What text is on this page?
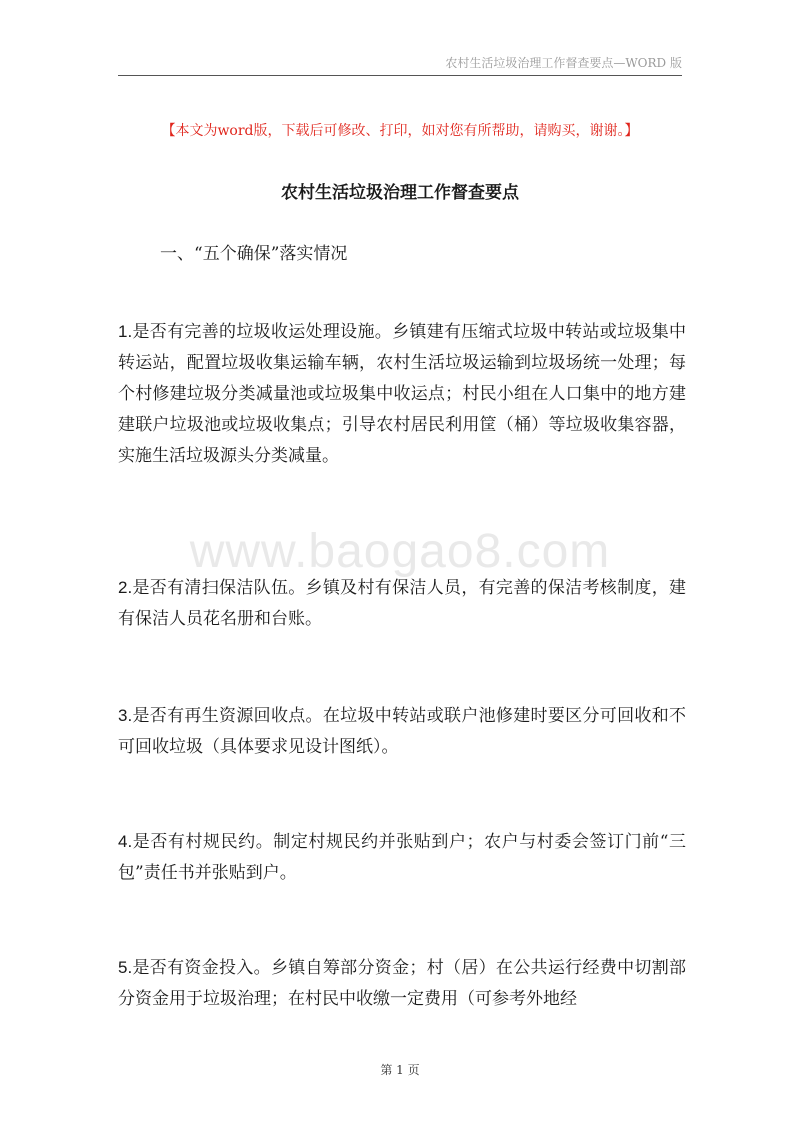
农村生活垃圾治理工作督查要点—WORD 版
【本文为word版，下载后可修改、打印，如对您有所帮助，请购买，谢谢。】
农村生活垃圾治理工作督查要点
一、“五个确保”落实情况
1.是否有完善的垃圾收运处理设施。乡镇建有压缩式垃圾中转站或垃圾集中转运站，配置垃圾收集运输车辆，农村生活垃圾运输到垃圾场统一处理；每个村修建垃圾分类减量池或垃圾集中收运点；村民小组在人口集中的地方建建联户垃圾池或垃圾收集点；引导农村居民利用筐（桶）等垃圾收集容器，实施生活垃圾源头分类减量。
2.是否有清扫保洁队伍。乡镇及村有保洁人员，有完善的保洁考核制度，建有保洁人员花名册和台账。
3.是否有再生资源回收点。在垃圾中转站或联户池修建时要区分可回收和不可回收垃圾（具体要求见设计图纸）。
4.是否有村规民约。制定村规民约并张贴到户；农户与村委会签订门前“三包”责任书并张贴到户。
5.是否有资金投入。乡镇自筹部分资金；村（居）在公共运行经费中切割部分资金用于垃圾治理；在村民中收缴一定费用（可参考外地经
www.baogao8.com
第 1 页
